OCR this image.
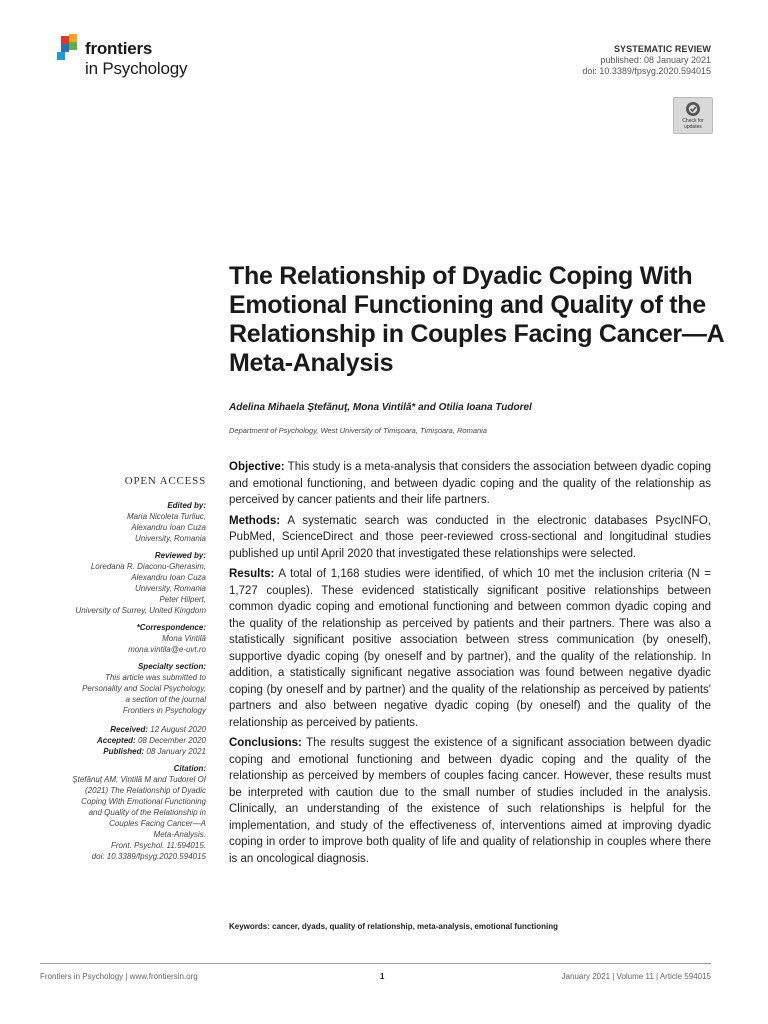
frontiers
in Psychology
SYSTEMATIC REVIEW
published: 08 January 2021
doi: 10.3389/fpsyg.2020.594015
Check for
updates
The Relationship of Dyadic Coping With Emotional Functioning and Quality of the Relationship in Couples Facing Cancer—A Meta-Analysis
Adelina Mihaela Ştefănuţ, Mona Vintilă* and Otilia Ioana Tudorel
Department of Psychology, West University of Timişoara, Timişoara, Romania
OPEN ACCESS
Edited by:
Maria Nicoleta Turliuc,
Alexandru Ioan Cuza
University, Romania
Reviewed by:
Loredana R. Diaconu-Gherasim,
Alexandru Ioan Cuza
University, Romania
Peter Hilpert,
University of Surrey, United Kingdom
*Correspondence:
Mona Vintilă
mona.vintila@e-uvt.ro
Specialty section:
This article was submitted to
Personality and Social Psychology,
a section of the journal
Frontiers in Psychology
Received: 12 August 2020
Accepted: 08 December 2020
Published: 08 January 2021
Citation:
Ştefănuţ AM, Vintilă M and Tudorel OI
(2021) The Relationship of Dyadic
Coping With Emotional Functioning
and Quality of the Relationship in
Couples Facing Cancer—A
Meta-Analysis.
Front. Psychol. 11:594015.
doi: 10.3389/fpsyg.2020.594015

Objective: This study is a meta-analysis that considers the association between dyadic coping and emotional functioning, and between dyadic coping and the quality of the relationship as perceived by cancer patients and their life partners.

Methods: A systematic search was conducted in the electronic databases PsycINFO, PubMed, ScienceDirect and those peer-reviewed cross-sectional and longitudinal studies published up until April 2020 that investigated these relationships were selected.

Results: A total of 1,168 studies were identified, of which 10 met the inclusion criteria (N = 1,727 couples). These evidenced statistically significant positive relationships between common dyadic coping and emotional functioning and between common dyadic coping and the quality of the relationship as perceived by patients and their partners. There was also a statistically significant positive association between stress communication (by oneself), supportive dyadic coping (by oneself and by partner), and the quality of the relationship. In addition, a statistically significant negative association was found between negative dyadic coping (by oneself and by partner) and the quality of the relationship as perceived by patients' partners and also between negative dyadic coping (by oneself) and the quality of the relationship as perceived by patients.

Conclusions: The results suggest the existence of a significant association between dyadic coping and emotional functioning and between dyadic coping and the quality of the relationship as perceived by members of couples facing cancer. However, these results must be interpreted with caution due to the small number of studies included in the analysis. Clinically, an understanding of the existence of such relationships is helpful for the implementation, and study of the effectiveness of, interventions aimed at improving dyadic coping in order to improve both quality of life and quality of relationship in couples where there is an oncological diagnosis.

Keywords: cancer, dyads, quality of relationship, meta-analysis, emotional functioning
Frontiers in Psychology | www.frontiersin.org	1	January 2021 | Volume 11 | Article 594015
